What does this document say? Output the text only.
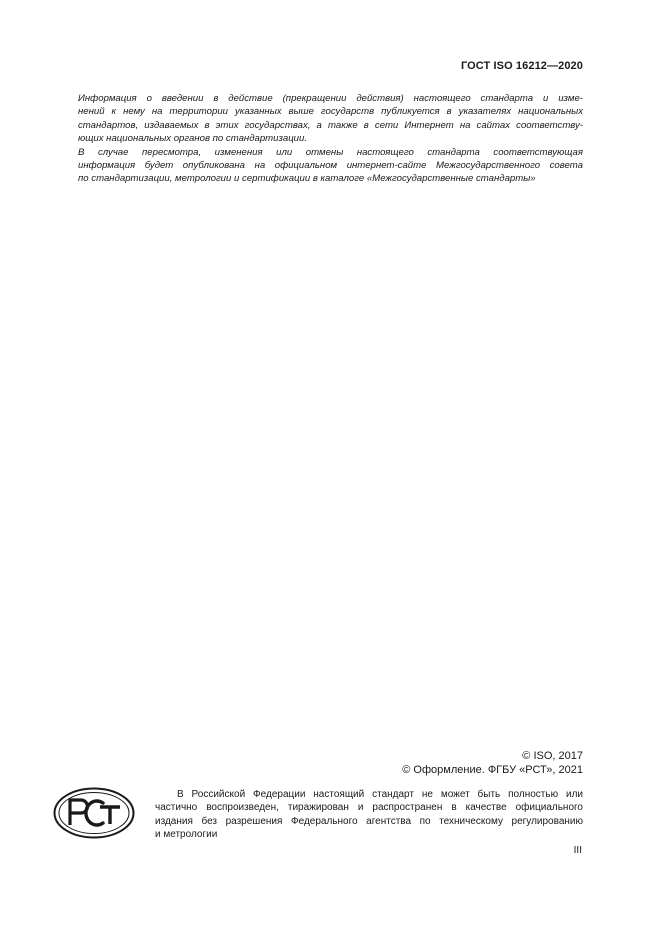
ГОСТ ISO 16212—2020

Информация о введении в действие (прекращении действия) настоящего стандарта и изме-
нений к нему на территории указанных выше государств публикуется в указателях национальных
стандартов, издаваемых в этих государствах, а также в сети Интернет на сайтах соответству-
ющих национальных органов по стандартизации.

В случае пересмотра, изменения или отмены настоящего стандарта соответствующая
информация будет опубликована на официальном интернет-сайте Межгосударственного совета
по стандартизации, метрологии и сертификации в каталоге «Межгосударственные стандарты»

© ISO, 2017
© Оформление. ФГБУ «РСТ», 2021
В Российской Федерации настоящий стандарт не может быть полностью или
частично воспроизведен, тиражирован и распространен в качестве официального
издания без разрешения Федерального агентства по техническому регулированию
и метрологии
III
